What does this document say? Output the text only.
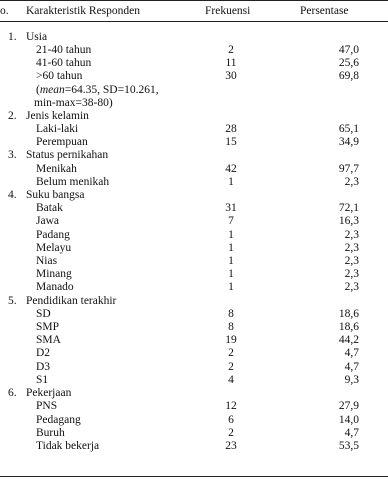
o. Karakteristik Responden	Frekuensi	Persentase
1. Usia
21-40 tahun	2	47,0
41-60 tahun	11	25,6
>60 tahun	30	69,8
(mean=64.35, SD=10.261,
min-max=38-80)
2. Jenis kelamin
Laki-laki	28	65,1
Perempuan	15	34,9
3. Status pernikahan
Menikah	42	97,7
Belum menikah	1	2,3
4. Suku bangsa
Batak	31	72,1
Jawa	7	16,3
Padang	1	2,3
Melayu	1	2,3
Nias	1	2,3
Minang	1	2,3
Manado	1	2,3
5. Pendidikan terakhir
SD	8	18,6
SMP	8	18,6
SMA	19	44,2
D2	2	4,7
D3	2	4,7
S1	4	9,3
6. Pekerjaan
PNS	12	27,9
Pedagang	6	14,0
Buruh	2	4,7
Tidak bekerja	23	53,5
